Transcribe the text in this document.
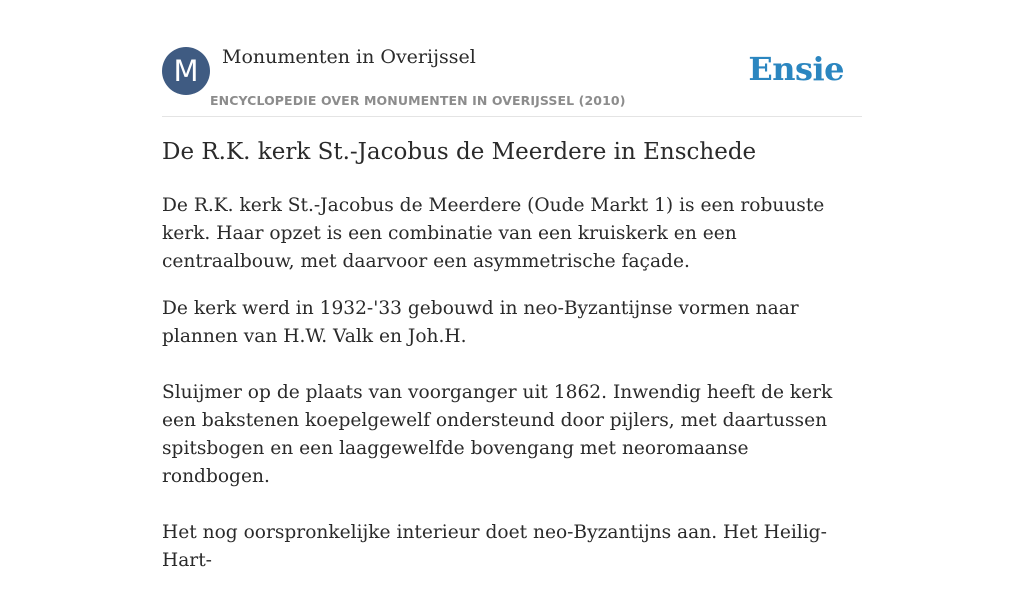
M	Monumenten in Overijssel
ENCYCLOPEDIE OVER MONUMENTEN IN OVERIJSSEL (2010)
Ensie
De R.K. kerk St.-Jacobus de Meerdere in Enschede

De R.K. kerk St.-Jacobus de Meerdere (Oude Markt 1) is een robuuste kerk. Haar opzet is een combinatie van een kruiskerk en een centraalbouw, met daarvoor een asymmetrische façade.

De kerk werd in 1932-'33 gebouwd in neo-Byzantijnse vormen naar plannen van H.W. Valk en Joh.H.

Sluijmer op de plaats van voorganger uit 1862. Inwendig heeft de kerk een bakstenen koepelgewelf ondersteund door pijlers, met daartussen spitsbogen en een laaggewelfde bovengang met neoromaanse rondbogen.

Het nog oorspronkelijke interieur doet neo-Byzantijns aan. Het Heilig-Hart-
